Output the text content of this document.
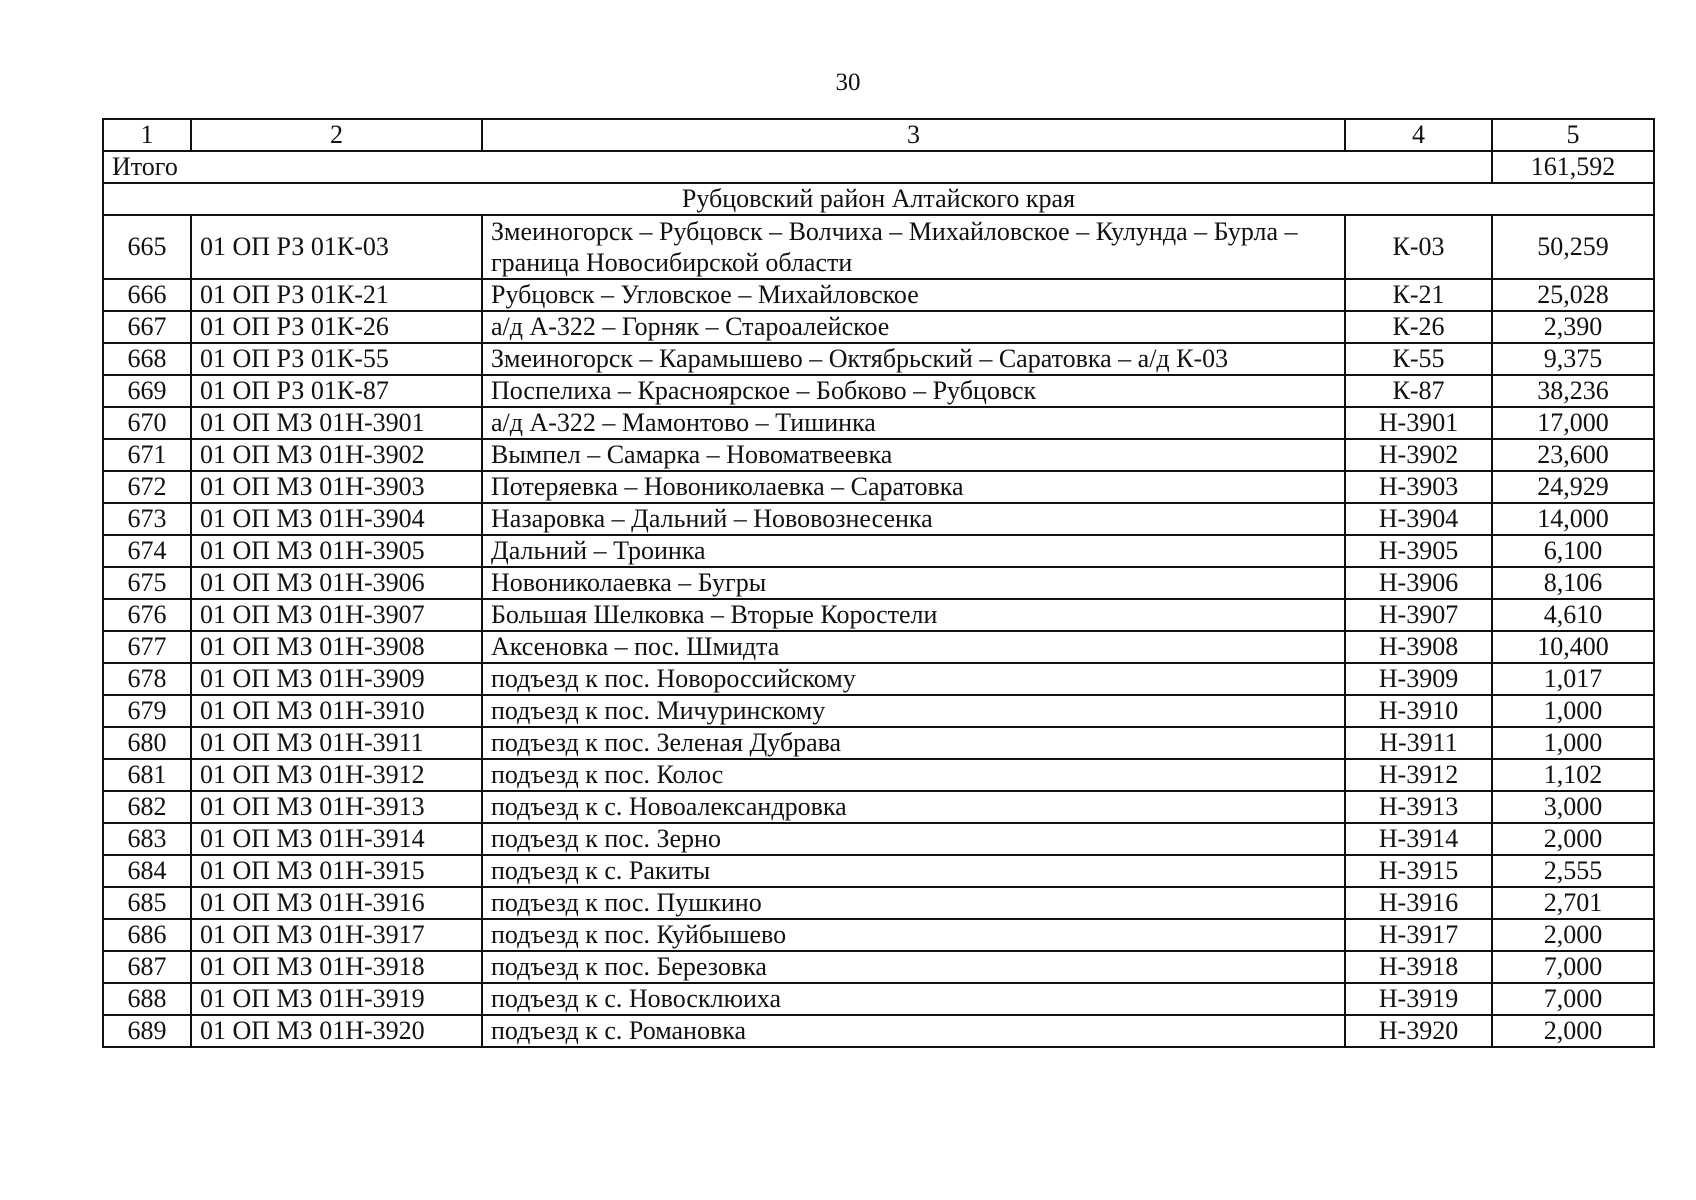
30
1	2	3	4	5
Итого				161,592
Рубцовский район Алтайского края				
665	01 ОП РЗ 01К-03	Змеиногорск – Рубцовск – Волчиха – Михайловское – Кулунда – Бурла – граница Новосибирской области	К-03	50,259
666	01 ОП РЗ 01К-21	Рубцовск – Угловское – Михайловское	К-21	25,028
667	01 ОП РЗ 01К-26	а/д А-322 – Горняк – Староалейское	К-26	2,390
668	01 ОП РЗ 01К-55	Змеиногорск – Карамышево – Октябрьский – Саратовка – а/д К-03	К-55	9,375
669	01 ОП РЗ 01К-87	Поспелиха – Красноярское – Бобково – Рубцовск	К-87	38,236
670	01 ОП МЗ 01Н-3901	а/д А-322 – Мамонтово – Тишинка	Н-3901	17,000
671	01 ОП МЗ 01Н-3902	Вымпел – Самарка – Новоматвеевка	Н-3902	23,600
672	01 ОП МЗ 01Н-3903	Потеряевка – Новониколаевка – Саратовка	Н-3903	24,929
673	01 ОП МЗ 01Н-3904	Назаровка – Дальний – Нововознесенка	Н-3904	14,000
674	01 ОП МЗ 01Н-3905	Дальний – Троинка	Н-3905	6,100
675	01 ОП МЗ 01Н-3906	Новониколаевка – Бугры	Н-3906	8,106
676	01 ОП МЗ 01Н-3907	Большая Шелковка – Вторые Коростели	Н-3907	4,610
677	01 ОП МЗ 01Н-3908	Аксеновка – пос. Шмидта	Н-3908	10,400
678	01 ОП МЗ 01Н-3909	подъезд к пос. Новороссийскому	Н-3909	1,017
679	01 ОП МЗ 01Н-3910	подъезд к пос. Мичуринскому	Н-3910	1,000
680	01 ОП МЗ 01Н-3911	подъезд к пос. Зеленая Дубрава	Н-3911	1,000
681	01 ОП МЗ 01Н-3912	подъезд к пос. Колос	Н-3912	1,102
682	01 ОП МЗ 01Н-3913	подъезд к с. Новоалександровка	Н-3913	3,000
683	01 ОП МЗ 01Н-3914	подъезд к пос. Зерно	Н-3914	2,000
684	01 ОП МЗ 01Н-3915	подъезд к с. Ракиты	Н-3915	2,555
685	01 ОП МЗ 01Н-3916	подъезд к пос. Пушкино	Н-3916	2,701
686	01 ОП МЗ 01Н-3917	подъезд к пос. Куйбышево	Н-3917	2,000
687	01 ОП МЗ 01Н-3918	подъезд к пос. Березовка	Н-3918	7,000
688	01 ОП МЗ 01Н-3919	подъезд к с. Новосклюиха	Н-3919	7,000
689	01 ОП МЗ 01Н-3920	подъезд к с. Романовка	Н-3920	2,000
